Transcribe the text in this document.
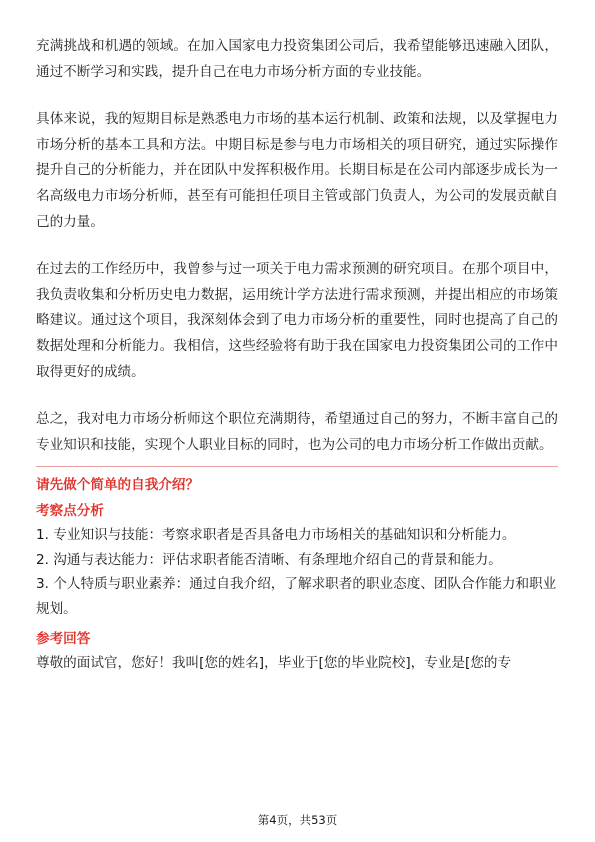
充满挑战和机遇的领域。在加入国家电力投资集团公司后，我希望能够迅速融入团队，通过不断学习和实践，提升自己在电力市场分析方面的专业技能。

具体来说，我的短期目标是熟悉电力市场的基本运行机制、政策和法规，以及掌握电力市场分析的基本工具和方法。中期目标是参与电力市场相关的项目研究，通过实际操作提升自己的分析能力，并在团队中发挥积极作用。长期目标是在公司内部逐步成长为一名高级电力市场分析师，甚至有可能担任项目主管或部门负责人，为公司的发展贡献自己的力量。

在过去的工作经历中，我曾参与过一项关于电力需求预测的研究项目。在那个项目中，我负责收集和分析历史电力数据，运用统计学方法进行需求预测，并提出相应的市场策略建议。通过这个项目，我深刻体会到了电力市场分析的重要性，同时也提高了自己的数据处理和分析能力。我相信，这些经验将有助于我在国家电力投资集团公司的工作中取得更好的成绩。

总之，我对电力市场分析师这个职位充满期待，希望通过自己的努力，不断丰富自己的专业知识和技能，实现个人职业目标的同时，也为公司的电力市场分析工作做出贡献。

请先做个简单的自我介绍？

考察点分析

1. 专业知识与技能：考察求职者是否具备电力市场相关的基础知识和分析能力。

2. 沟通与表达能力：评估求职者能否清晰、有条理地介绍自己的背景和能力。

3. 个人特质与职业素养：通过自我介绍，了解求职者的职业态度、团队合作能力和职业规划。

参考回答

尊敬的面试官，您好！我叫[您的姓名]，毕业于[您的毕业院校]，专业是[您的专

第4页，共53页
